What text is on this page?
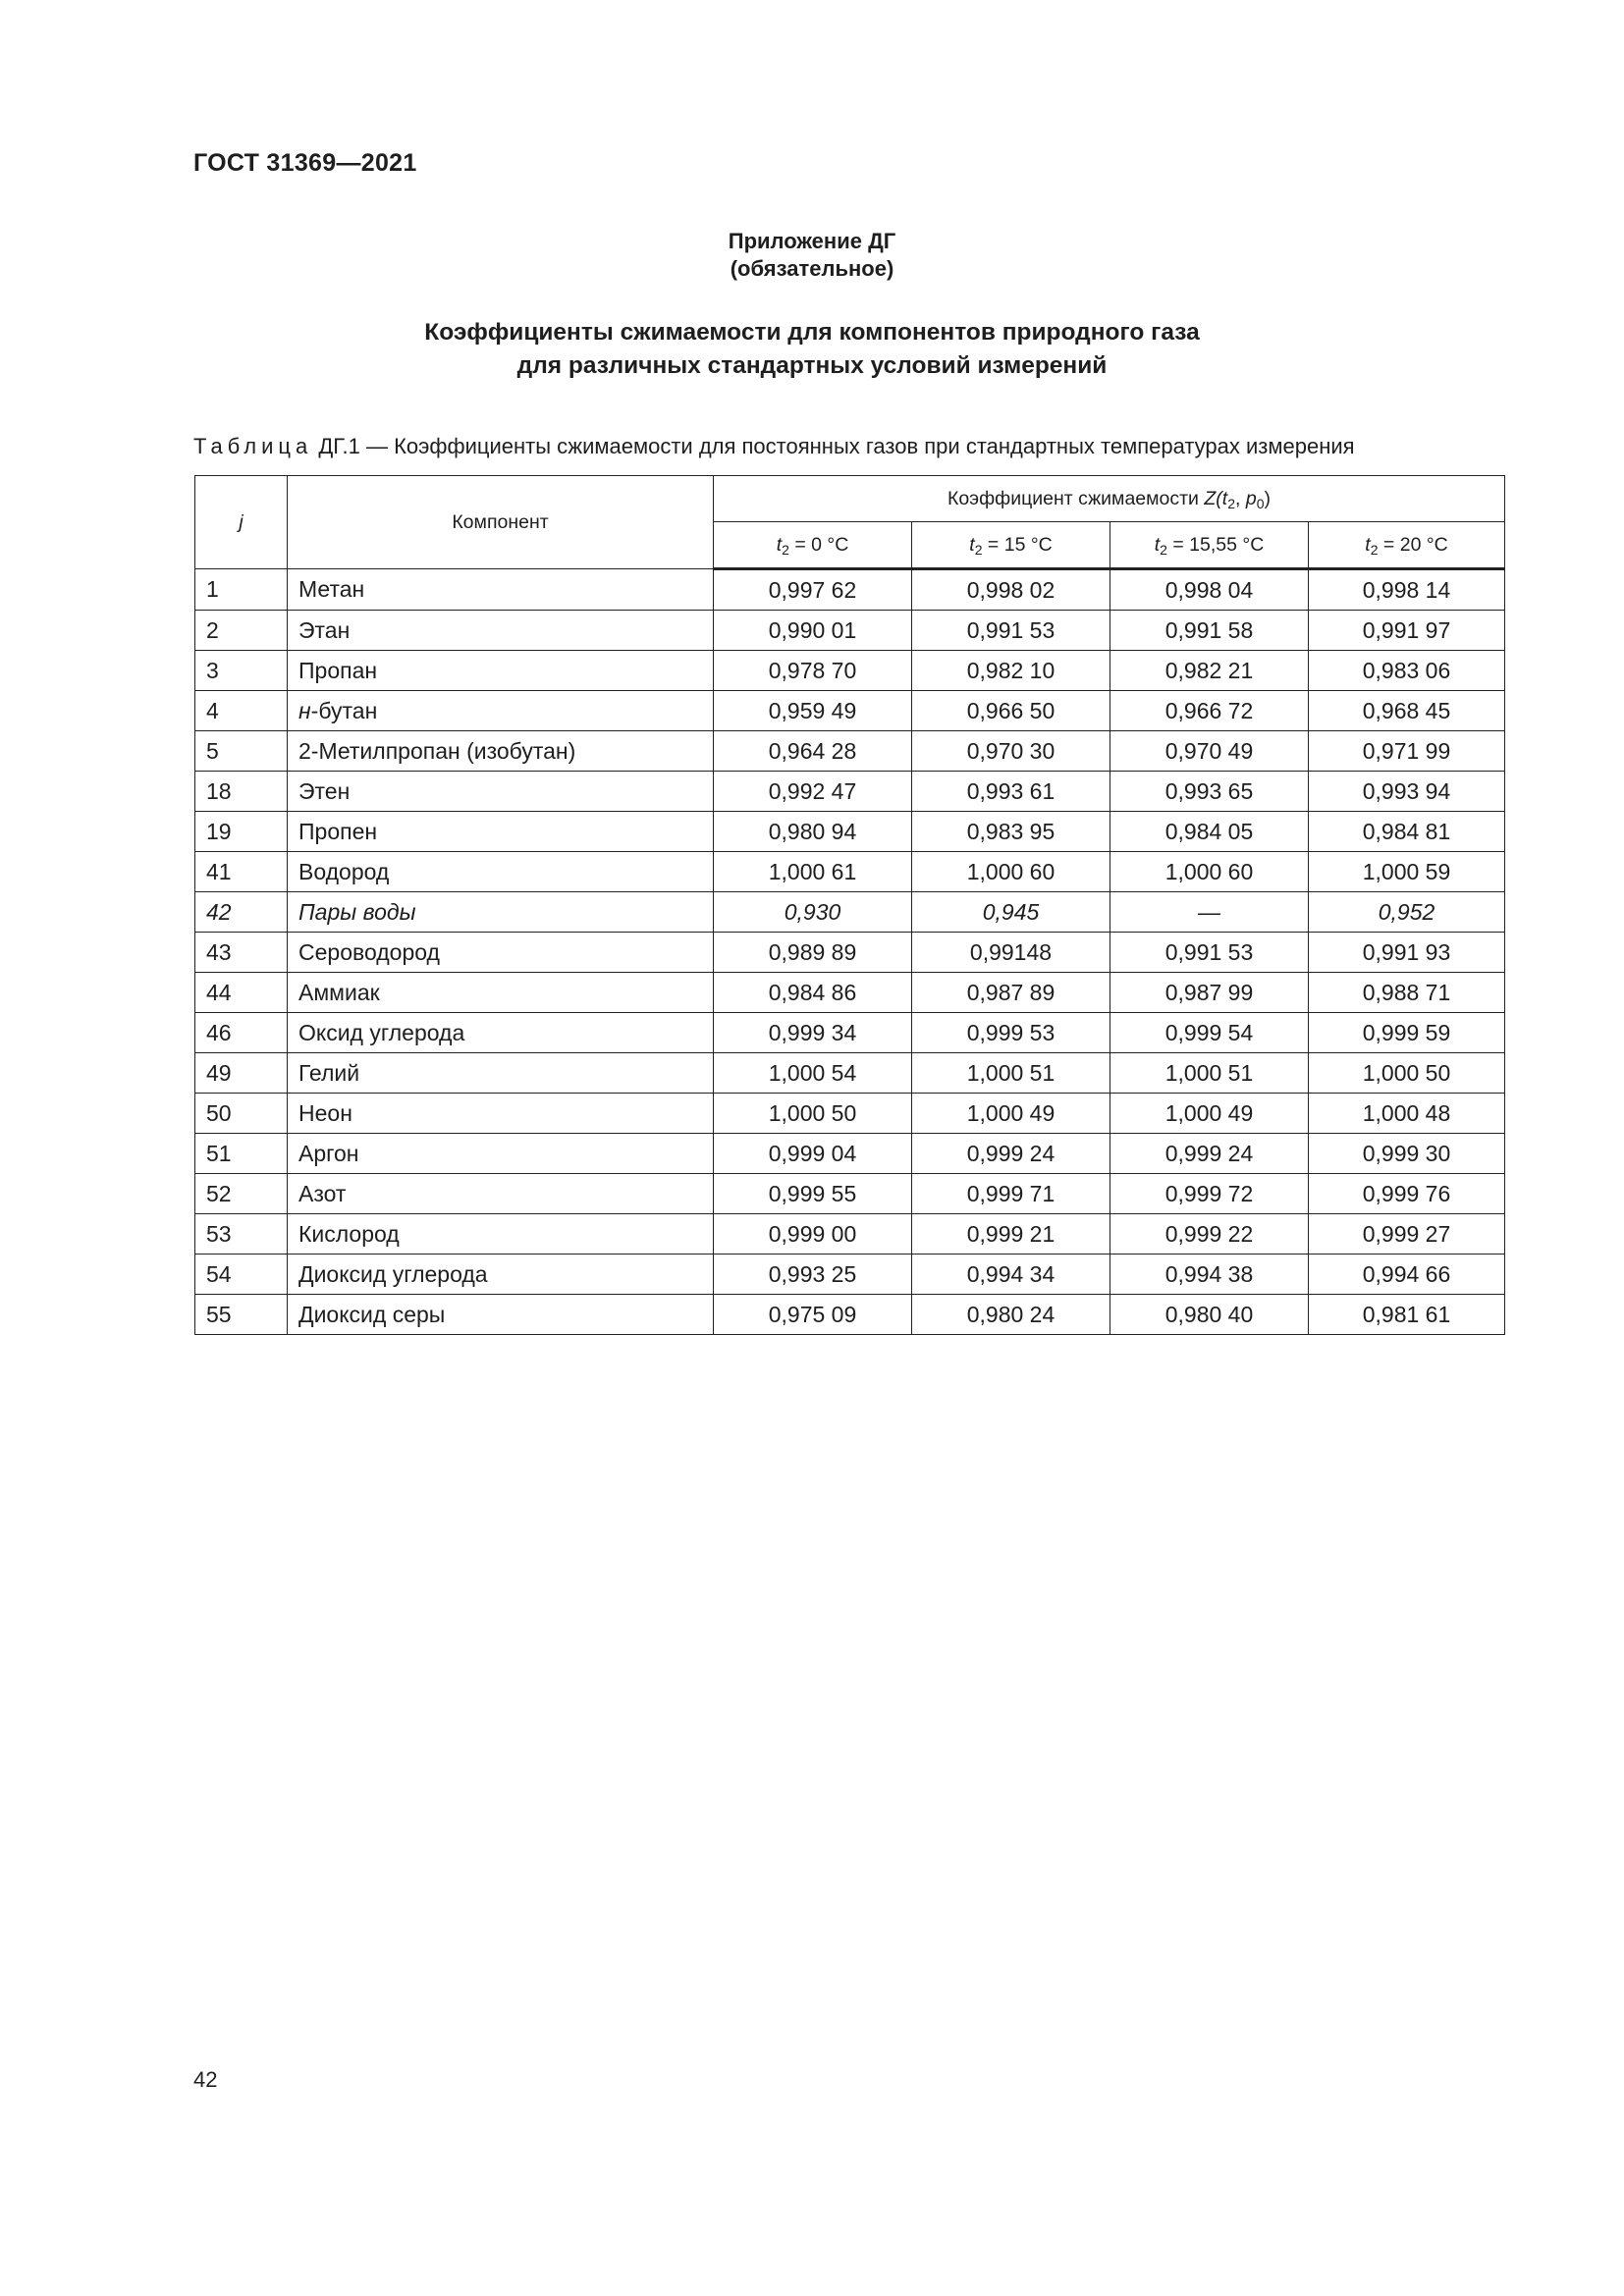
ГОСТ 31369—2021
Приложение ДГ
(обязательное)
Коэффициенты сжимаемости для компонентов природного газа
для различных стандартных условий измерений
Таблица ДГ.1 — Коэффициенты сжимаемости для постоянных газов при стандартных температурах измерения
j	Компонент	Коэффициент сжимаемости $Z(t_2$, $p_0$)			
		$t_2 = 0$ °C	$t_2 = 15$ °C	$t_2 = 15,55$ °C	$t_2 = 20$ °C
1	Метан	0,997 62	0,998 02	0,998 04	0,998 14
2	Этан	0,990 01	0,991 53	0,991 58	0,991 97
3	Пропан	0,978 70	0,982 10	0,982 21	0,983 06
4	н-бутан	0,959 49	0,966 50	0,966 72	0,968 45
5	2-Метилпропан (изобутан)	0,964 28	0,970 30	0,970 49	0,971 99
18	Этен	0,992 47	0,993 61	0,993 65	0,993 94
19	Пропен	0,980 94	0,983 95	0,984 05	0,984 81
41	Водород	1,000 61	1,000 60	1,000 60	1,000 59
42	Пары воды	0,930	0,945	—	0,952
43	Сероводород	0,989 89	0,99148	0,991 53	0,991 93
44	Аммиак	0,984 86	0,987 89	0,987 99	0,988 71
46	Оксид углерода	0,999 34	0,999 53	0,999 54	0,999 59
49	Гелий	1,000 54	1,000 51	1,000 51	1,000 50
50	Неон	1,000 50	1,000 49	1,000 49	1,000 48
51	Аргон	0,999 04	0,999 24	0,999 24	0,999 30
52	Азот	0,999 55	0,999 71	0,999 72	0,999 76
53	Кислород	0,999 00	0,999 21	0,999 22	0,999 27
54	Диоксид углерода	0,993 25	0,994 34	0,994 38	0,994 66
55	Диоксид серы	0,975 09	0,980 24	0,980 40	0,981 61
42
